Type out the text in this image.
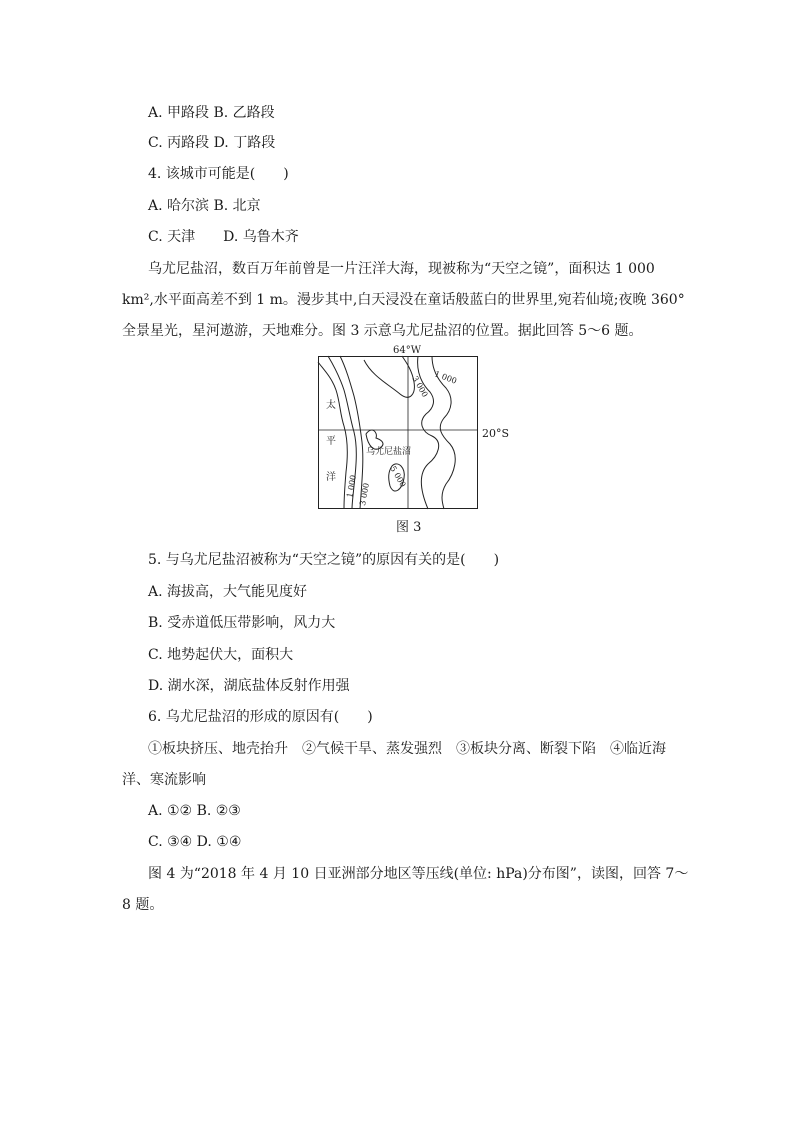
A. 甲路段 B. 乙路段
C. 丙路段 D. 丁路段
4. 该城市可能是(　　)
A. 哈尔滨 B. 北京
C. 天津　　D. 乌鲁木齐
乌尤尼盐沼，数百万年前曾是一片汪洋大海，现被称为“天空之镜”，面积达 1 000
km²,水平面高差不到 1 m。漫步其中,白天浸没在童话般蓝白的世界里,宛若仙境;夜晚 360°
全景星光，星河遨游，天地难分。图 3 示意乌尤尼盐沼的位置。据此回答 5～6 题。
64°W
太
平
洋
乌尤尼盐沼
3 000 1 000
1 000 3 000
5 000
20°S
图 3
5. 与乌尤尼盐沼被称为“天空之镜”的原因有关的是(　　)
A. 海拔高，大气能见度好
B. 受赤道低压带影响，风力大
C. 地势起伏大，面积大
D. 湖水深，湖底盐体反射作用强
6. 乌尤尼盐沼的形成的原因有(　　)
①板块挤压、地壳抬升　②气候干旱、蒸发强烈　③板块分离、断裂下陷　④临近海
洋、寒流影响
A. ①② B. ②③
C. ③④ D. ①④
图 4 为“2018 年 4 月 10 日亚洲部分地区等压线(单位: hPa)分布图”，读图，回答 7～
8 题。
